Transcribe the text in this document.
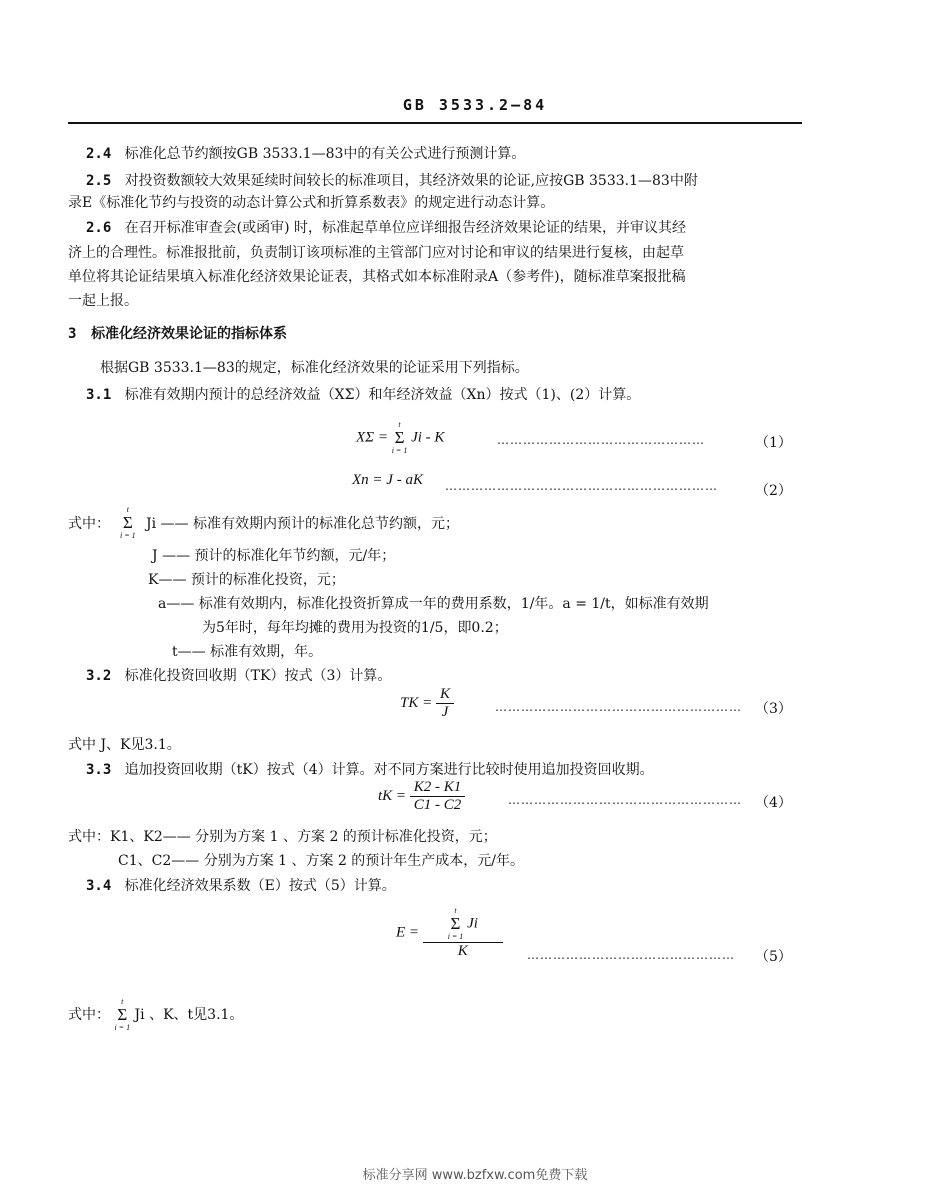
GB 3533.2—84
2.4 标准化总节约额按GB 3533.1—83中的有关公式进行预测计算。
2.5 对投资数额较大效果延续时间较长的标准项目，其经济效果的论证,应按GB 3533.1—83中附
录E《标准化节约与投资的动态计算公式和折算系数表》的规定进行动态计算。
2.6 在召开标准审查会(或函审) 时，标准起草单位应详细报告经济效果论证的结果，并审议其经
济上的合理性。标准报批前，负责制订该项标准的主管部门应对讨论和审议的结果进行复核，由起草
单位将其论证结果填入标准化经济效果论证表，其格式如本标准附录A（参考件)，随标准草案报批稿
一起上报。
3 标准化经济效果论证的指标体系
根据GB 3533.1—83的规定，标准化经济效果的论证采用下列指标。
3.1 标准有效期内预计的总经济效益（XΣ）和年经济效益（Xn）按式（1)、(2）计算。
XΣ =
t
Σ
i = 1
Ji - K	…………………………………………	（1）
Xn = J - aK ………………………………………………………	（2）
式中：
t
Σ
i = 1
Ji —— 标准有效期内预计的标准化总节约额，元；
J —— 预计的标准化年节约额，元/年；
K—— 预计的标准化投资，元；
a—— 标准有效期内，标准化投资折算成一年的费用系数，1/年。a = 1/t，如标准有效期
为5年时，每年均摊的费用为投资的1/5，即0.2；
t—— 标准有效期，年。
3.2 标准化投资回收期（TK）按式（3）计算。
TK = $\frac{K}{J}$	………………………………………………… （3）
式中 J、K见3.1。
3.3 追加投资回收期（tK）按式（4）计算。对不同方案进行比较时使用追加投资回收期。
tK = $\frac{K2 - K1}{C1 - C2}$	……………………………………………… （4）
式中：K1、K2—— 分别为方案 1 、方案 2 的预计标准化投资，元；
C1、C2—— 分别为方案 1 、方案 2 的预计年生产成本，元/年。
3.4 标准化经济效果系数（E）按式（5）计算。
E = t
Σ
i = 1
Ji
K ………………………………………… （5）
式中：
t
Σ
i = 1
Ji 、K、t见3.1。
标准分享网 www.bzfxw.com免费下载
